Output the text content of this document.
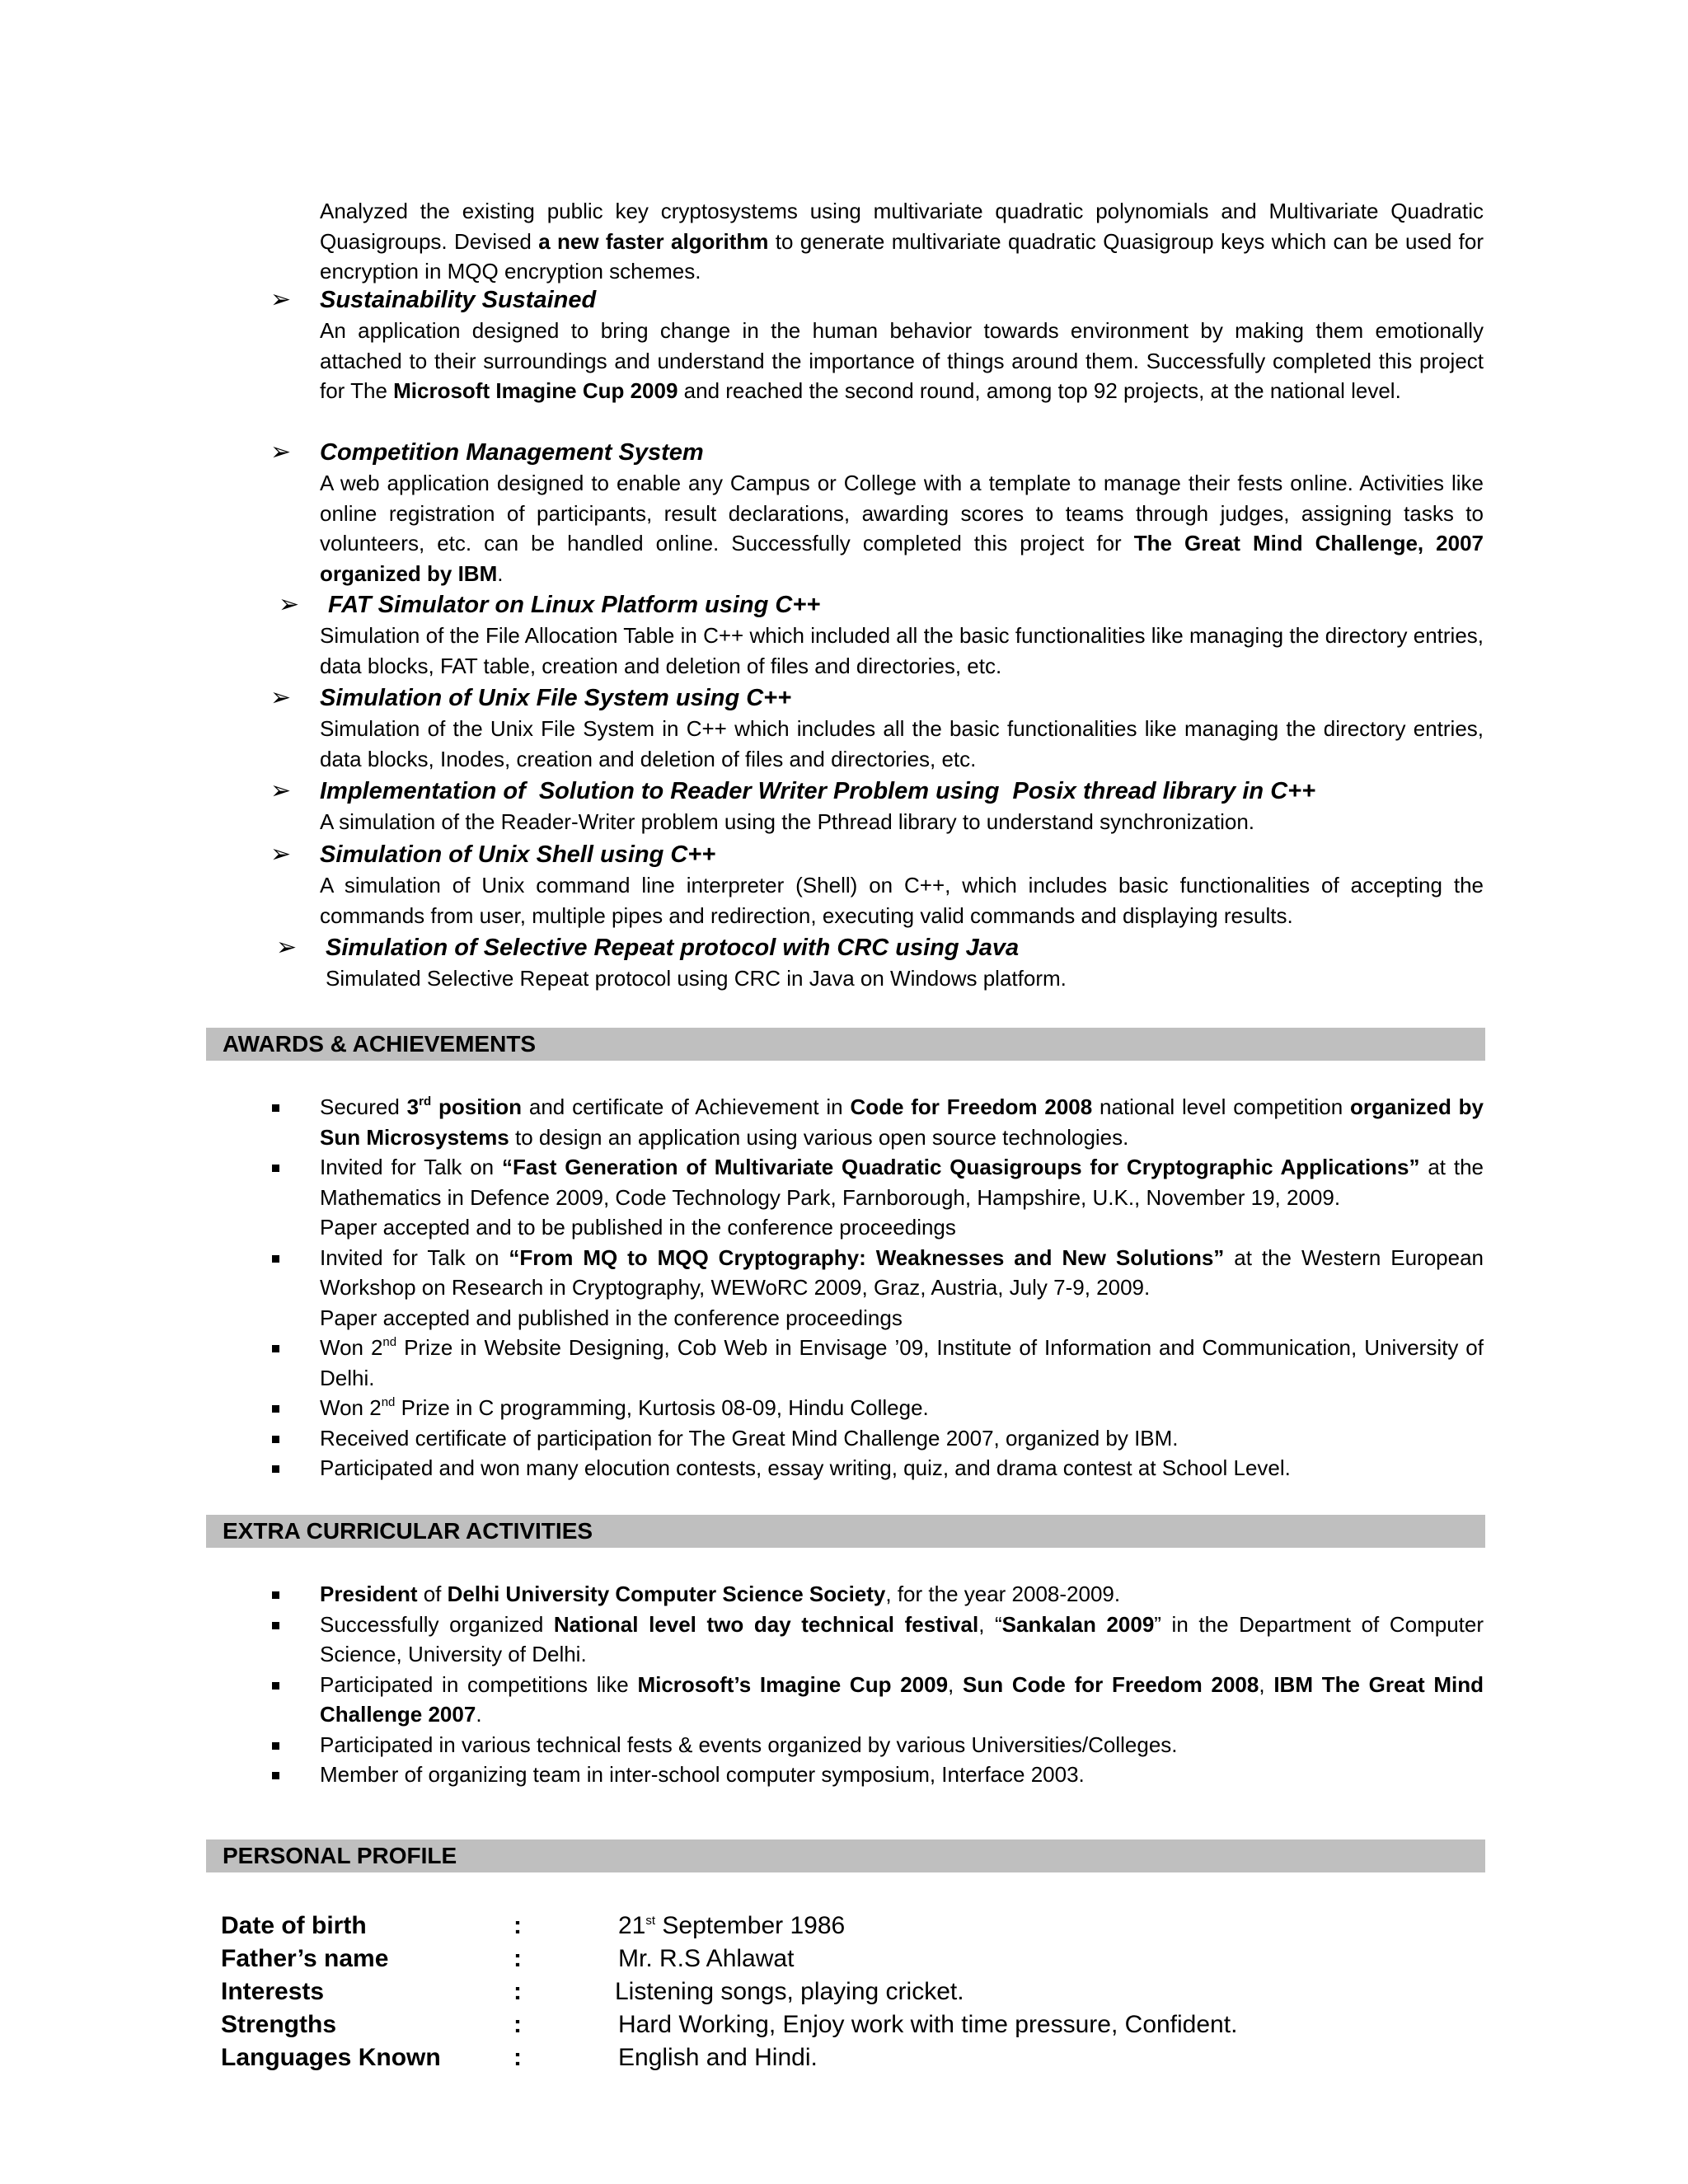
Analyzed the existing public key cryptosystems using multivariate quadratic polynomials and Multivariate Quadratic Quasigroups. Devised a new faster algorithm to generate multivariate quadratic Quasigroup keys which can be used for encryption in MQQ encryption schemes.
➢ Sustainability Sustained
An application designed to bring change in the human behavior towards environment by making them emotionally attached to their surroundings and understand the importance of things around them. Successfully completed this project for The Microsoft Imagine Cup 2009 and reached the second round, among top 92 projects, at the national level.
➢ Competition Management System
A web application designed to enable any Campus or College with a template to manage their fests online. Activities like online registration of participants, result declarations, awarding scores to teams through judges, assigning tasks to volunteers, etc. can be handled online. Successfully completed this project for The Great Mind Challenge, 2007 organized by IBM.
➢ FAT Simulator on Linux Platform using C++
Simulation of the File Allocation Table in C++ which included all the basic functionalities like managing the directory entries, data blocks, FAT table, creation and deletion of files and directories, etc.
➢ Simulation of Unix File System using C++
Simulation of the Unix File System in C++ which includes all the basic functionalities like managing the directory entries, data blocks, Inodes, creation and deletion of files and directories, etc.
➢ Implementation of  Solution to Reader Writer Problem using  Posix thread library in C++
A simulation of the Reader-Writer problem using the Pthread library to understand synchronization.
➢ Simulation of Unix Shell using C++
A simulation of Unix command line interpreter (Shell) on C++, which includes basic functionalities of accepting the commands from user, multiple pipes and redirection, executing valid commands and displaying results.
➢ Simulation of Selective Repeat protocol with CRC using Java
Simulated Selective Repeat protocol using CRC in Java on Windows platform.
AWARDS & ACHIEVEMENTS
Secured 3rd position and certificate of Achievement in Code for Freedom 2008 national level competition organized by Sun Microsystems to design an application using various open source technologies.
Invited for Talk on “Fast Generation of Multivariate Quadratic Quasigroups for Cryptographic Applications” at the Mathematics in Defence 2009, Code Technology Park, Farnborough, Hampshire, U.K., November 19, 2009.
Paper accepted and to be published in the conference proceedings
Invited for Talk on “From MQ to MQQ Cryptography: Weaknesses and New Solutions” at the Western European Workshop on Research in Cryptography, WEWoRC 2009, Graz, Austria, July 7-9, 2009.
Paper accepted and published in the conference proceedings
Won 2nd Prize in Website Designing, Cob Web in Envisage ’09, Institute of Information and Communication, University of Delhi.
Won 2nd Prize in C programming, Kurtosis 08-09, Hindu College.
Received certificate of participation for The Great Mind Challenge 2007, organized by IBM.
Participated and won many elocution contests, essay writing, quiz, and drama contest at School Level.
EXTRA CURRICULAR ACTIVITIES
President of Delhi University Computer Science Society, for the year 2008-2009.
Successfully organized National level two day technical festival, “Sankalan 2009” in the Department of Computer Science, University of Delhi.
Participated in competitions like Microsoft’s Imagine Cup 2009, Sun Code for Freedom 2008, IBM The Great Mind Challenge 2007.
Participated in various technical fests & events organized by various Universities/Colleges.
Member of organizing team in inter-school computer symposium, Interface 2003.
PERSONAL PROFILE
Date of birth	:	21st September 1986
Father’s name	:	Mr. R.S Ahlawat
Interests	:	Listening songs, playing cricket.
Strengths	:	Hard Working, Enjoy work with time pressure, Confident.
Languages Known	:	English and Hindi.
